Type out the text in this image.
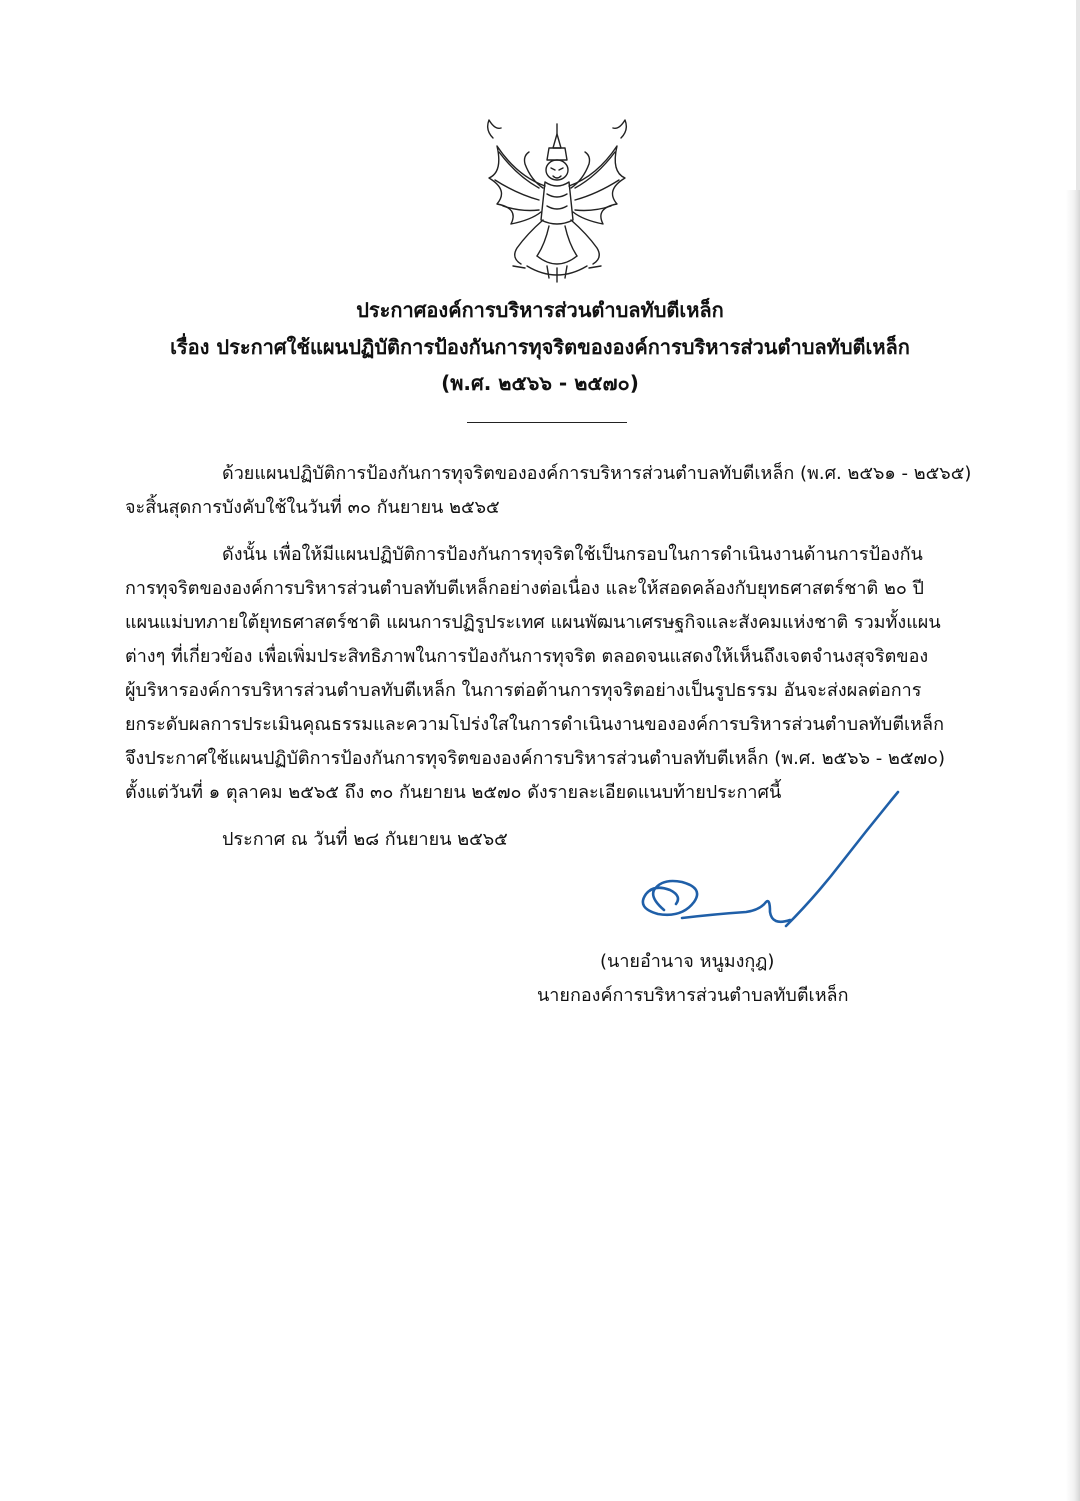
ประกาศองค์การบริหารส่วนตำบลทับตีเหล็ก
เรื่อง ประกาศใช้แผนปฏิบัติการป้องกันการทุจริตขององค์การบริหารส่วนตำบลทับตีเหล็ก
(พ.ศ. ๒๕๖๖ - ๒๕๗๐)
ด้วยแผนปฏิบัติการป้องกันการทุจริตขององค์การบริหารส่วนตำบลทับตีเหล็ก (พ.ศ. ๒๕๖๑ - ๒๕๖๕)
จะสิ้นสุดการบังคับใช้ในวันที่ ๓๐ กันยายน ๒๕๖๕
ดังนั้น เพื่อให้มีแผนปฏิบัติการป้องกันการทุจริตใช้เป็นกรอบในการดำเนินงานด้านการป้องกัน
การทุจริตขององค์การบริหารส่วนตำบลทับตีเหล็กอย่างต่อเนื่อง และให้สอดคล้องกับยุทธศาสตร์ชาติ ๒๐ ปี
แผนแม่บทภายใต้ยุทธศาสตร์ชาติ แผนการปฏิรูประเทศ แผนพัฒนาเศรษฐกิจและสังคมแห่งชาติ รวมทั้งแผน
ต่างๆ ที่เกี่ยวข้อง เพื่อเพิ่มประสิทธิภาพในการป้องกันการทุจริต ตลอดจนแสดงให้เห็นถึงเจตจำนงสุจริตของ
ผู้บริหารองค์การบริหารส่วนตำบลทับตีเหล็ก ในการต่อต้านการทุจริตอย่างเป็นรูปธรรม อันจะส่งผลต่อการ
ยกระดับผลการประเมินคุณธรรมและความโปร่งใสในการดำเนินงานขององค์การบริหารส่วนตำบลทับตีเหล็ก
จึงประกาศใช้แผนปฏิบัติการป้องกันการทุจริตขององค์การบริหารส่วนตำบลทับตีเหล็ก (พ.ศ. ๒๕๖๖ - ๒๕๗๐)
ตั้งแต่วันที่ ๑ ตุลาคม ๒๕๖๕ ถึง ๓๐ กันยายน ๒๕๗๐ ดังรายละเอียดแนบท้ายประกาศนี้
ประกาศ ณ วันที่ ๒๘ กันยายน ๒๕๖๕
(นายอำนาจ หนูมงกุฎ)
นายกองค์การบริหารส่วนตำบลทับตีเหล็ก
